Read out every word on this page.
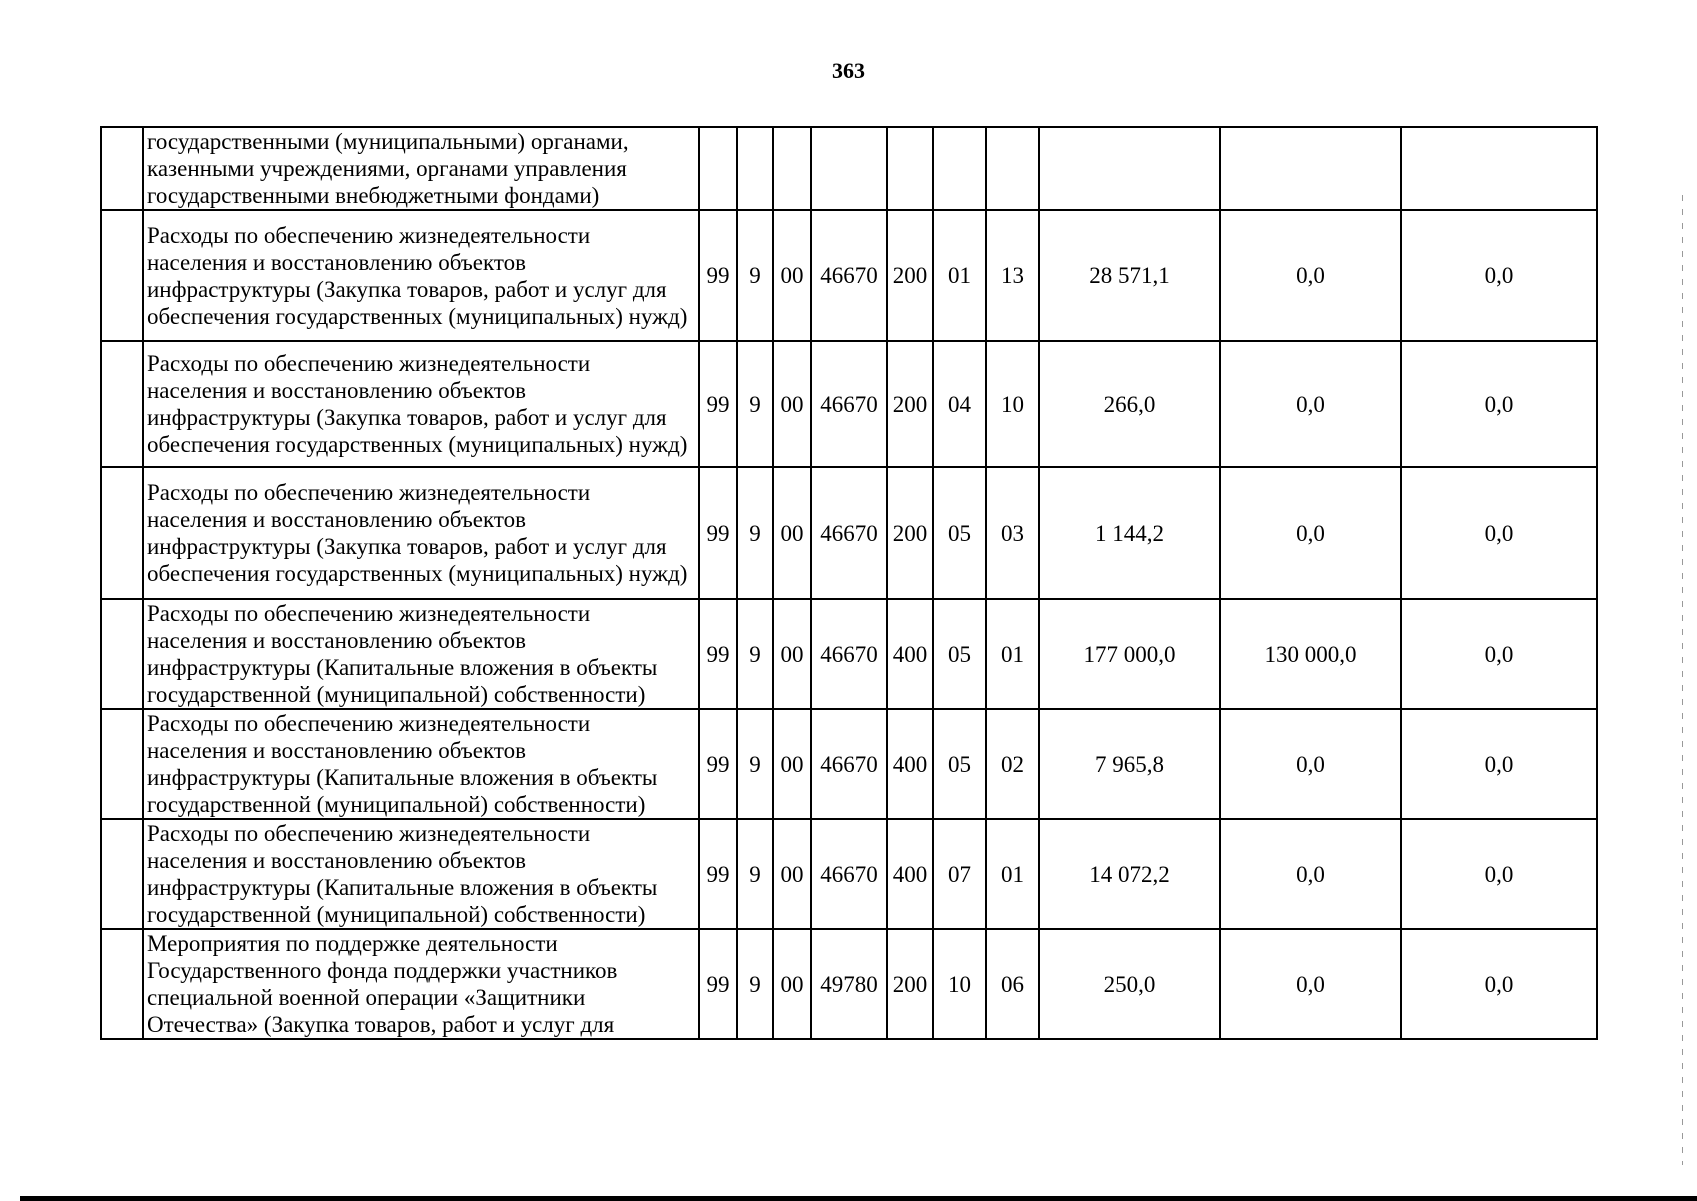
363
	государственными (муниципальными) органами, казенными учреждениями, органами управления государственными внебюджетными фондами)										
	Расходы по обеспечению жизнедеятельности населения и восстановлению объектов инфраструктуры (Закупка товаров, работ и услуг для обеспечения государственных (муниципальных) нужд)	99	9	00	46670	200	01	13	28 571,1	0,0	0,0
	Расходы по обеспечению жизнедеятельности населения и восстановлению объектов инфраструктуры (Закупка товаров, работ и услуг для обеспечения государственных (муниципальных) нужд)	99	9	00	46670	200	04	10	266,0	0,0	0,0
	Расходы по обеспечению жизнедеятельности населения и восстановлению объектов инфраструктуры (Закупка товаров, работ и услуг для обеспечения государственных (муниципальных) нужд)	99	9	00	46670	200	05	03	1 144,2	0,0	0,0
	Расходы по обеспечению жизнедеятельности населения и восстановлению объектов инфраструктуры (Капитальные вложения в объекты государственной (муниципальной) собственности)	99	9	00	46670	400	05	01	177 000,0	130 000,0	0,0
	Расходы по обеспечению жизнедеятельности населения и восстановлению объектов инфраструктуры (Капитальные вложения в объекты государственной (муниципальной) собственности)	99	9	00	46670	400	05	02	7 965,8	0,0	0,0
	Расходы по обеспечению жизнедеятельности населения и восстановлению объектов инфраструктуры (Капитальные вложения в объекты государственной (муниципальной) собственности)	99	9	00	46670	400	07	01	14 072,2	0,0	0,0
	Мероприятия по поддержке деятельности Государственного фонда поддержки участников специальной военной операции «Защитники Отечества» (Закупка товаров, работ и услуг для	99	9	00	49780	200	10	06	250,0	0,0	0,0
